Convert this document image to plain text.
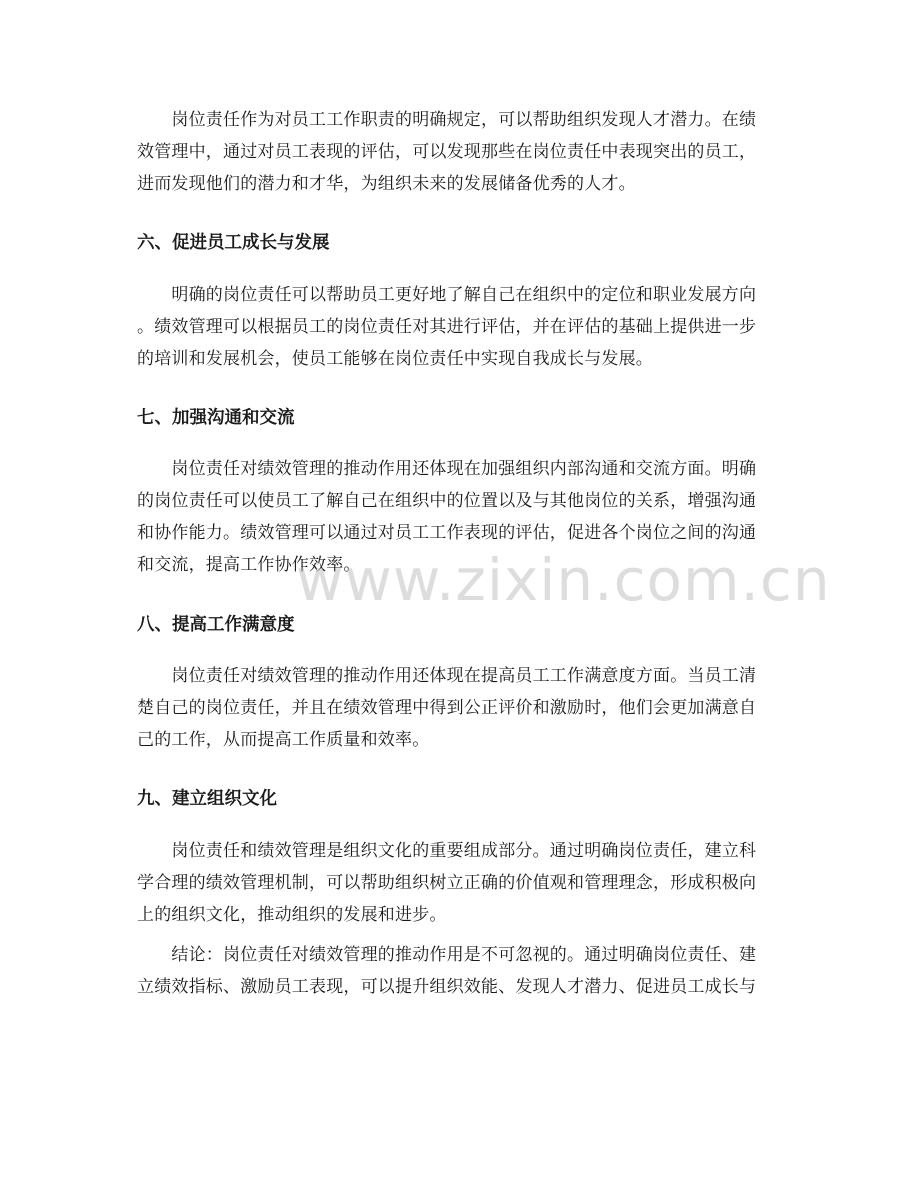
　　岗位责任作为对员工工作职责的明确规定，可以帮助组织发现人才潜力。在绩
效管理中，通过对员工表现的评估，可以发现那些在岗位责任中表现突出的员工，
进而发现他们的潜力和才华，为组织未来的发展储备优秀的人才。
六、促进员工成长与发展
　　明确的岗位责任可以帮助员工更好地了解自己在组织中的定位和职业发展方向
。绩效管理可以根据员工的岗位责任对其进行评估，并在评估的基础上提供进一步
的培训和发展机会，使员工能够在岗位责任中实现自我成长与发展。
七、加强沟通和交流
　　岗位责任对绩效管理的推动作用还体现在加强组织内部沟通和交流方面。明确
的岗位责任可以使员工了解自己在组织中的位置以及与其他岗位的关系，增强沟通
和协作能力。绩效管理可以通过对员工工作表现的评估，促进各个岗位之间的沟通
和交流，提高工作协作效率。
八、提高工作满意度
　　岗位责任对绩效管理的推动作用还体现在提高员工工作满意度方面。当员工清
楚自己的岗位责任，并且在绩效管理中得到公正评价和激励时，他们会更加满意自
己的工作，从而提高工作质量和效率。
九、建立组织文化
　　岗位责任和绩效管理是组织文化的重要组成部分。通过明确岗位责任，建立科
学合理的绩效管理机制，可以帮助组织树立正确的价值观和管理理念，形成积极向
上的组织文化，推动组织的发展和进步。
　　结论：岗位责任对绩效管理的推动作用是不可忽视的。通过明确岗位责任、建
立绩效指标、激励员工表现，可以提升组织效能、发现人才潜力、促进员工成长与
www.zixin.com.cn
